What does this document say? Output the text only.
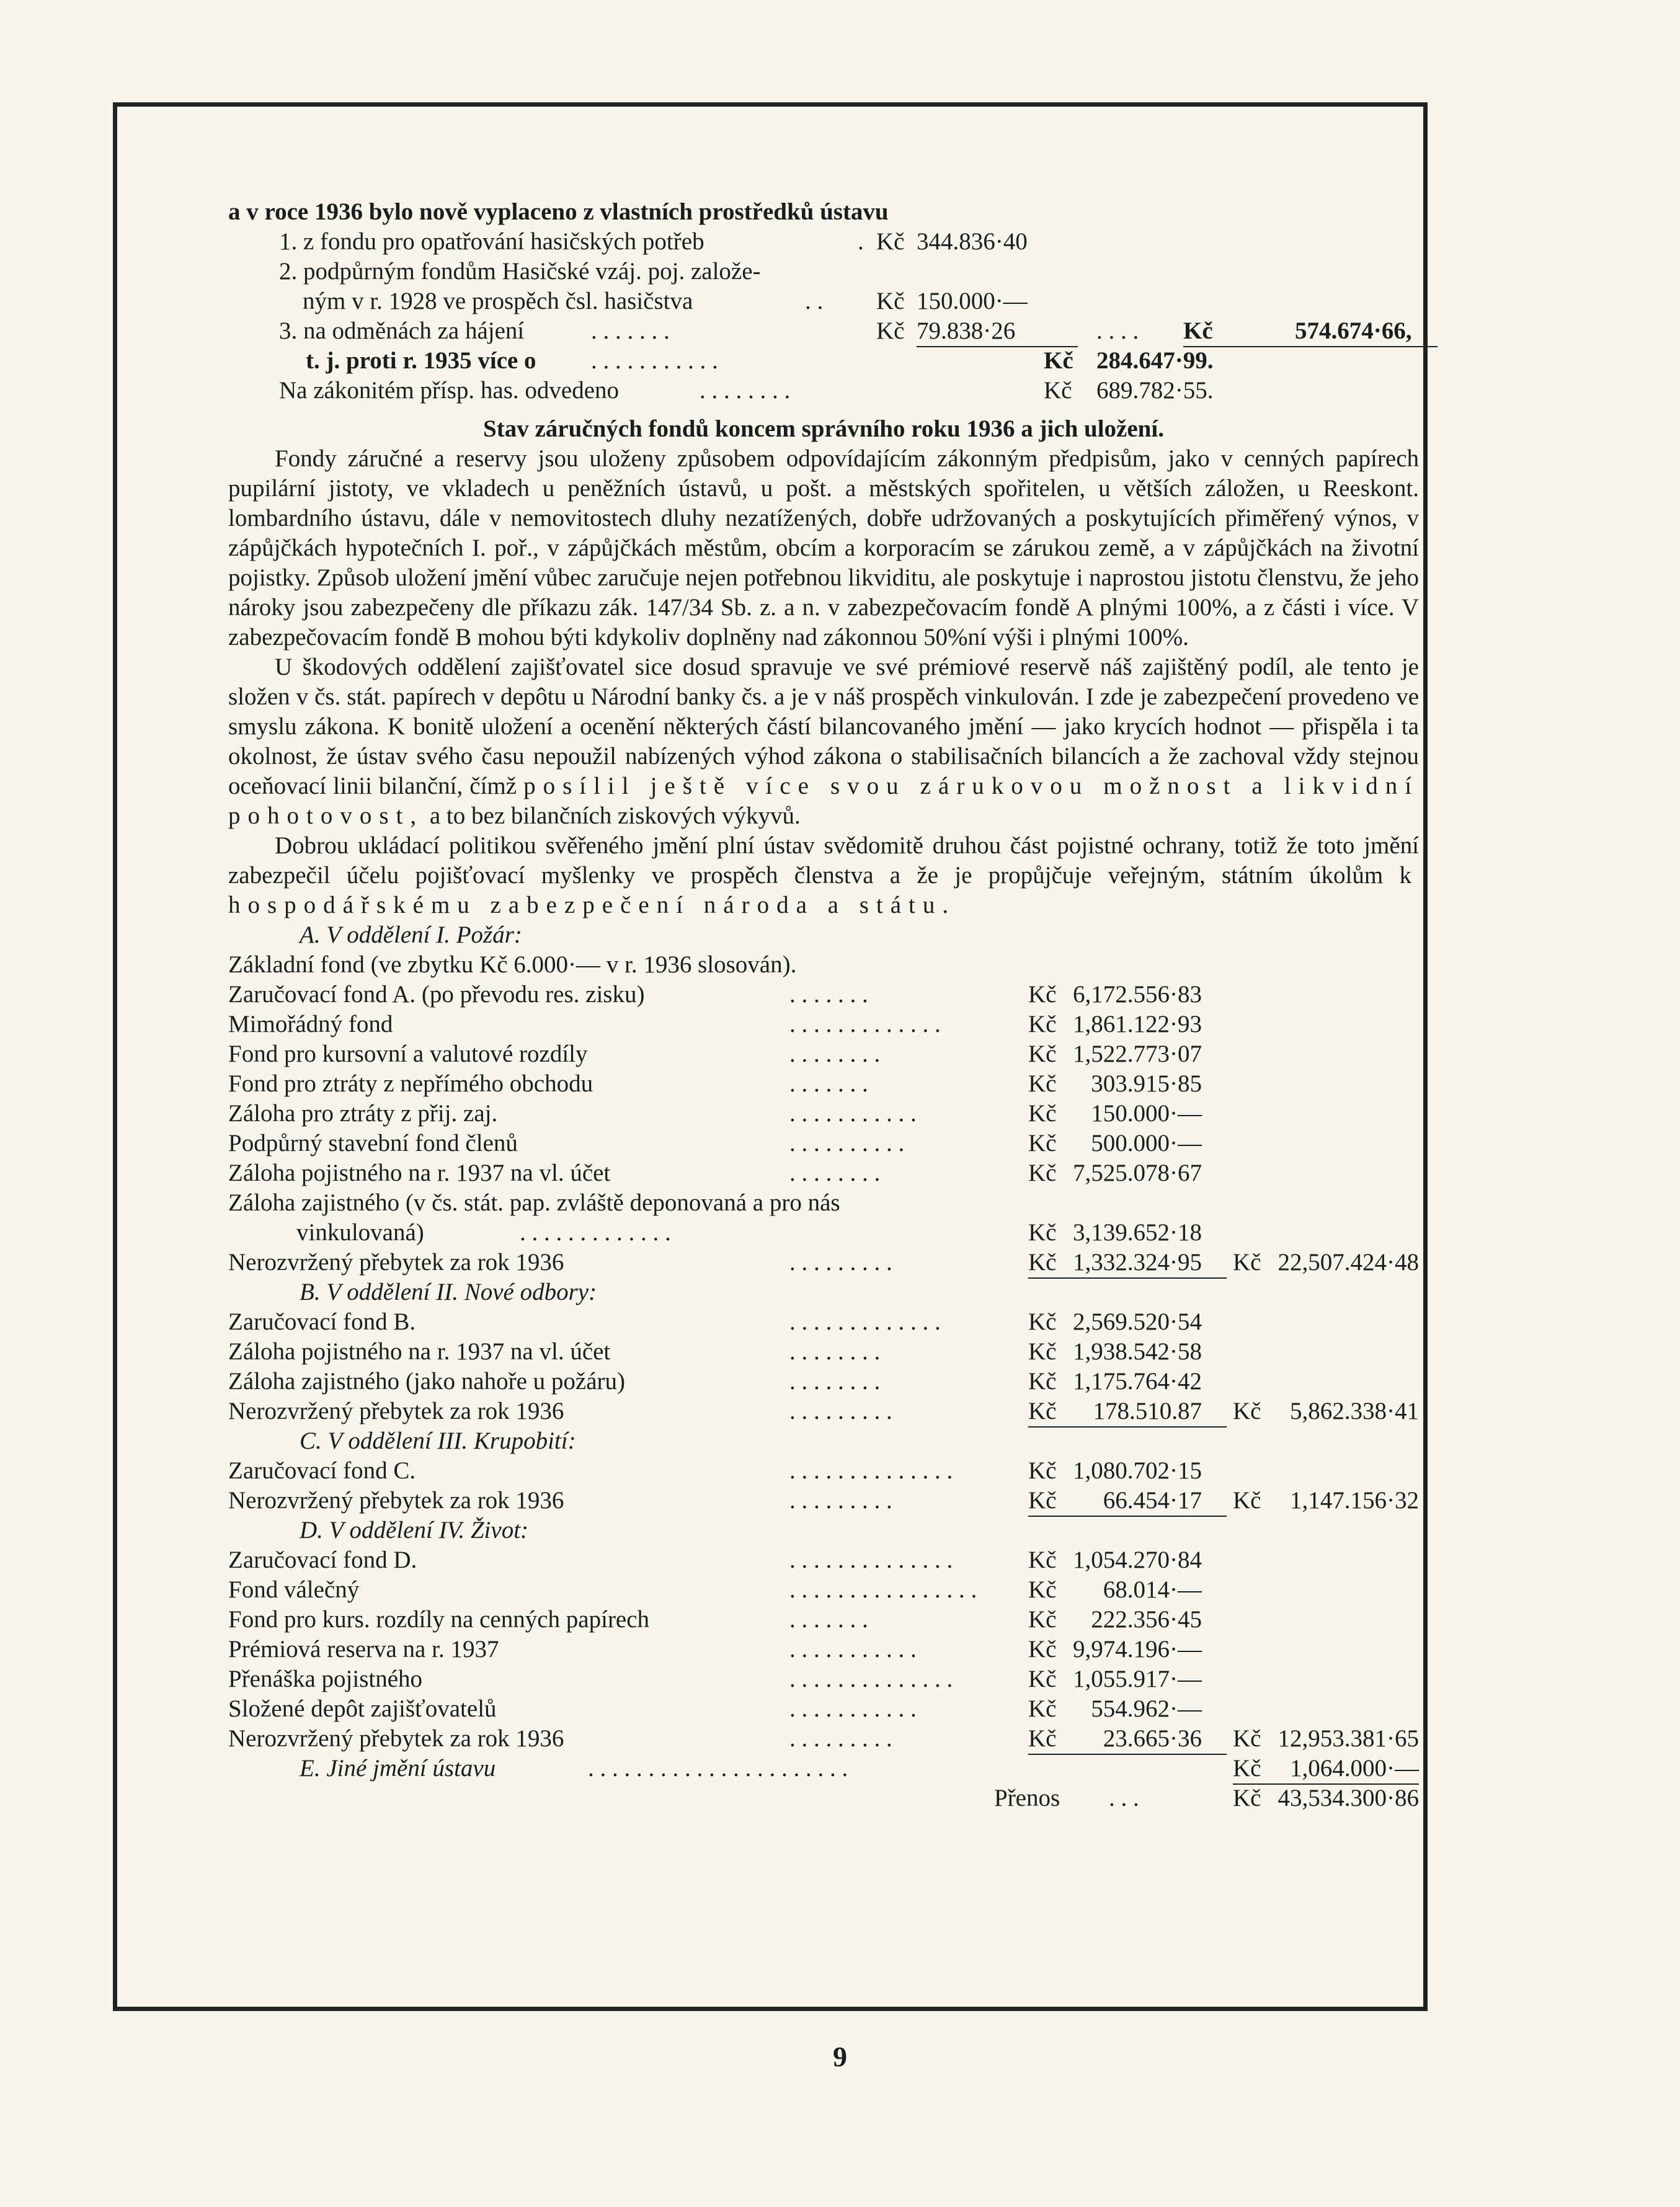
a v roce 1936 bylo nově vyplaceno z vlastních prostředků ústavu
1. z fondu pro opatřování hasičských potřeb	. Kč 344.836·40
2. podpůrným fondům Hasičské vzáj. poj. založe-
ným v r. 1928 ve prospěch čsl. hasičstva	. . Kč 150.000·—
3. na odměnách za hájení	. . . . . . .	Kč 79.838·26	. . . . Kč	574.674·66,
t. j. proti r. 1935 více o . . . . . . . . . . .	Kč 284.647·99.
Na zákonitém přísp. has. odvedeno	. . . . . . . .	Kč 689.782·55.
Stav záručných fondů koncem správního roku 1936 a jich uložení.

Fondy záručné a reservy jsou uloženy způsobem odpovídajícím zákonným předpisům, jako v cenných papírech pupilární jistoty, ve vkladech u peněžních ústavů, u pošt. a městských spořitelen, u větších záložen, u Reeskont. lombardního ústavu, dále v nemovitostech dluhy nezatížených, dobře udržovaných a poskytujících přiměřený výnos, v zápůjčkách hypotečních I. poř., v zápůjčkách městům, obcím a korporacím se zárukou země, a v zápůjčkách na životní pojistky. Způsob uložení jmění vůbec zaručuje nejen potřebnou likviditu, ale poskytuje i naprostou jistotu členstvu, že jeho nároky jsou zabezpečeny dle příkazu zák. 147/34 Sb. z. a n. v zabezpečovacím fondě A plnými 100%, a z části i více. V zabezpečovacím fondě B mohou býti kdykoliv doplněny nad zákonnou 50%ní výši i plnými 100%.

U škodových oddělení zajišťovatel sice dosud spravuje ve své prémiové reservě náš zajištěný podíl, ale tento je složen v čs. stát. papírech v depôtu u Národní banky čs. a je v náš prospěch vinkulován. I zde je zabezpečení provedeno ve smyslu zákona. K bonitě uložení a ocenění některých částí bilancovaného jmění — jako krycích hodnot — přispěla i ta okolnost, že ústav svého času nepoužil nabízených výhod zákona o stabilisačních bilancích a že zachoval vždy stejnou oceňovací linii bilanční, čímž posílil ještě více svou zárukovou možnost a likvidní pohotovost, a to bez bilančních ziskových výkyvů.

Dobrou ukládací politikou svěřeného jmění plní ústav svědomitě druhou část pojistné ochrany, totiž že toto jmění zabezpečil účelu pojišťovací myšlenky ve prospěch členstva a že je propůjčuje veřejným, státním úkolům k hospodářskému zabezpečení národa a státu.

A. V oddělení I. Požár:
Základní fond (ve zbytku Kč 6.000·— v r. 1936 slosován).
Zaručovací fond A. (po převodu res. zisku)	. . . . . . .	Kč 6,172.556·83
Mimořádný fond	. . . . . . . . . . . . .	Kč 1,861.122·93
Fond pro kursovní a valutové rozdíly	. . . . . . . .	Kč 1,522.773·07
Fond pro ztráty z nepřímého obchodu	. . . . . . .	Kč	303.915·85
Záloha pro ztráty z přij. zaj.	. . . . . . . . . . .	Kč	150.000·—
Podpůrný stavební fond členů	. . . . . . . . . .	Kč	500.000·—
Záloha pojistného na r. 1937 na vl. účet	. . . . . . . .	Kč 7,525.078·67
Záloha zajistného (v čs. stát. pap. zvláště deponovaná a pro nás
vinkulovaná)	. . . . . . . . . . . . .	Kč 3,139.652·18
Nerozvržený přebytek za rok 1936	. . . . . . . . .	Kč 1,332.324·95 Kč 22,507.424·48
B. V oddělení II. Nové odbory:
Zaručovací fond B.	. . . . . . . . . . . . .	Kč 2,569.520·54
Záloha pojistného na r. 1937 na vl. účet	. . . . . . . .	Kč 1,938.542·58
Záloha zajistného (jako nahoře u požáru)	. . . . . . . .	Kč 1,175.764·42
Nerozvržený přebytek za rok 1936	. . . . . . . . .	Kč	178.510.87 Kč 5,862.338·41
C. V oddělení III. Krupobití:
Zaručovací fond C.	. . . . . . . . . . . . . .	Kč 1,080.702·15
Nerozvržený přebytek za rok 1936	. . . . . . . . .	Kč	66.454·17 Kč 1,147.156·32
D. V oddělení IV. Život:
Zaručovací fond D.	. . . . . . . . . . . . . .	Kč 1,054.270·84
Fond válečný	. . . . . . . . . . . . . . . .	Kč	68.014·—
Fond pro kurs. rozdíly na cenných papírech	. . . . . . .	Kč	222.356·45
Prémiová reserva na r. 1937	. . . . . . . . . . .	Kč 9,974.196·—
Přenáška pojistného	. . . . . . . . . . . . . .	Kč 1,055.917·—
Složené depôt zajišťovatelů	. . . . . . . . . . .	Kč	554.962·—
Nerozvržený přebytek za rok 1936	. . . . . . . . .	Kč	23.665·36 Kč 12,953.381·65
E. Jiné jmění ústavu	. . . . . . . . . . . . . . . . . . . . . .	Kč	1,064.000·—
Přenos . . .	Kč 43,534.300·86
9
